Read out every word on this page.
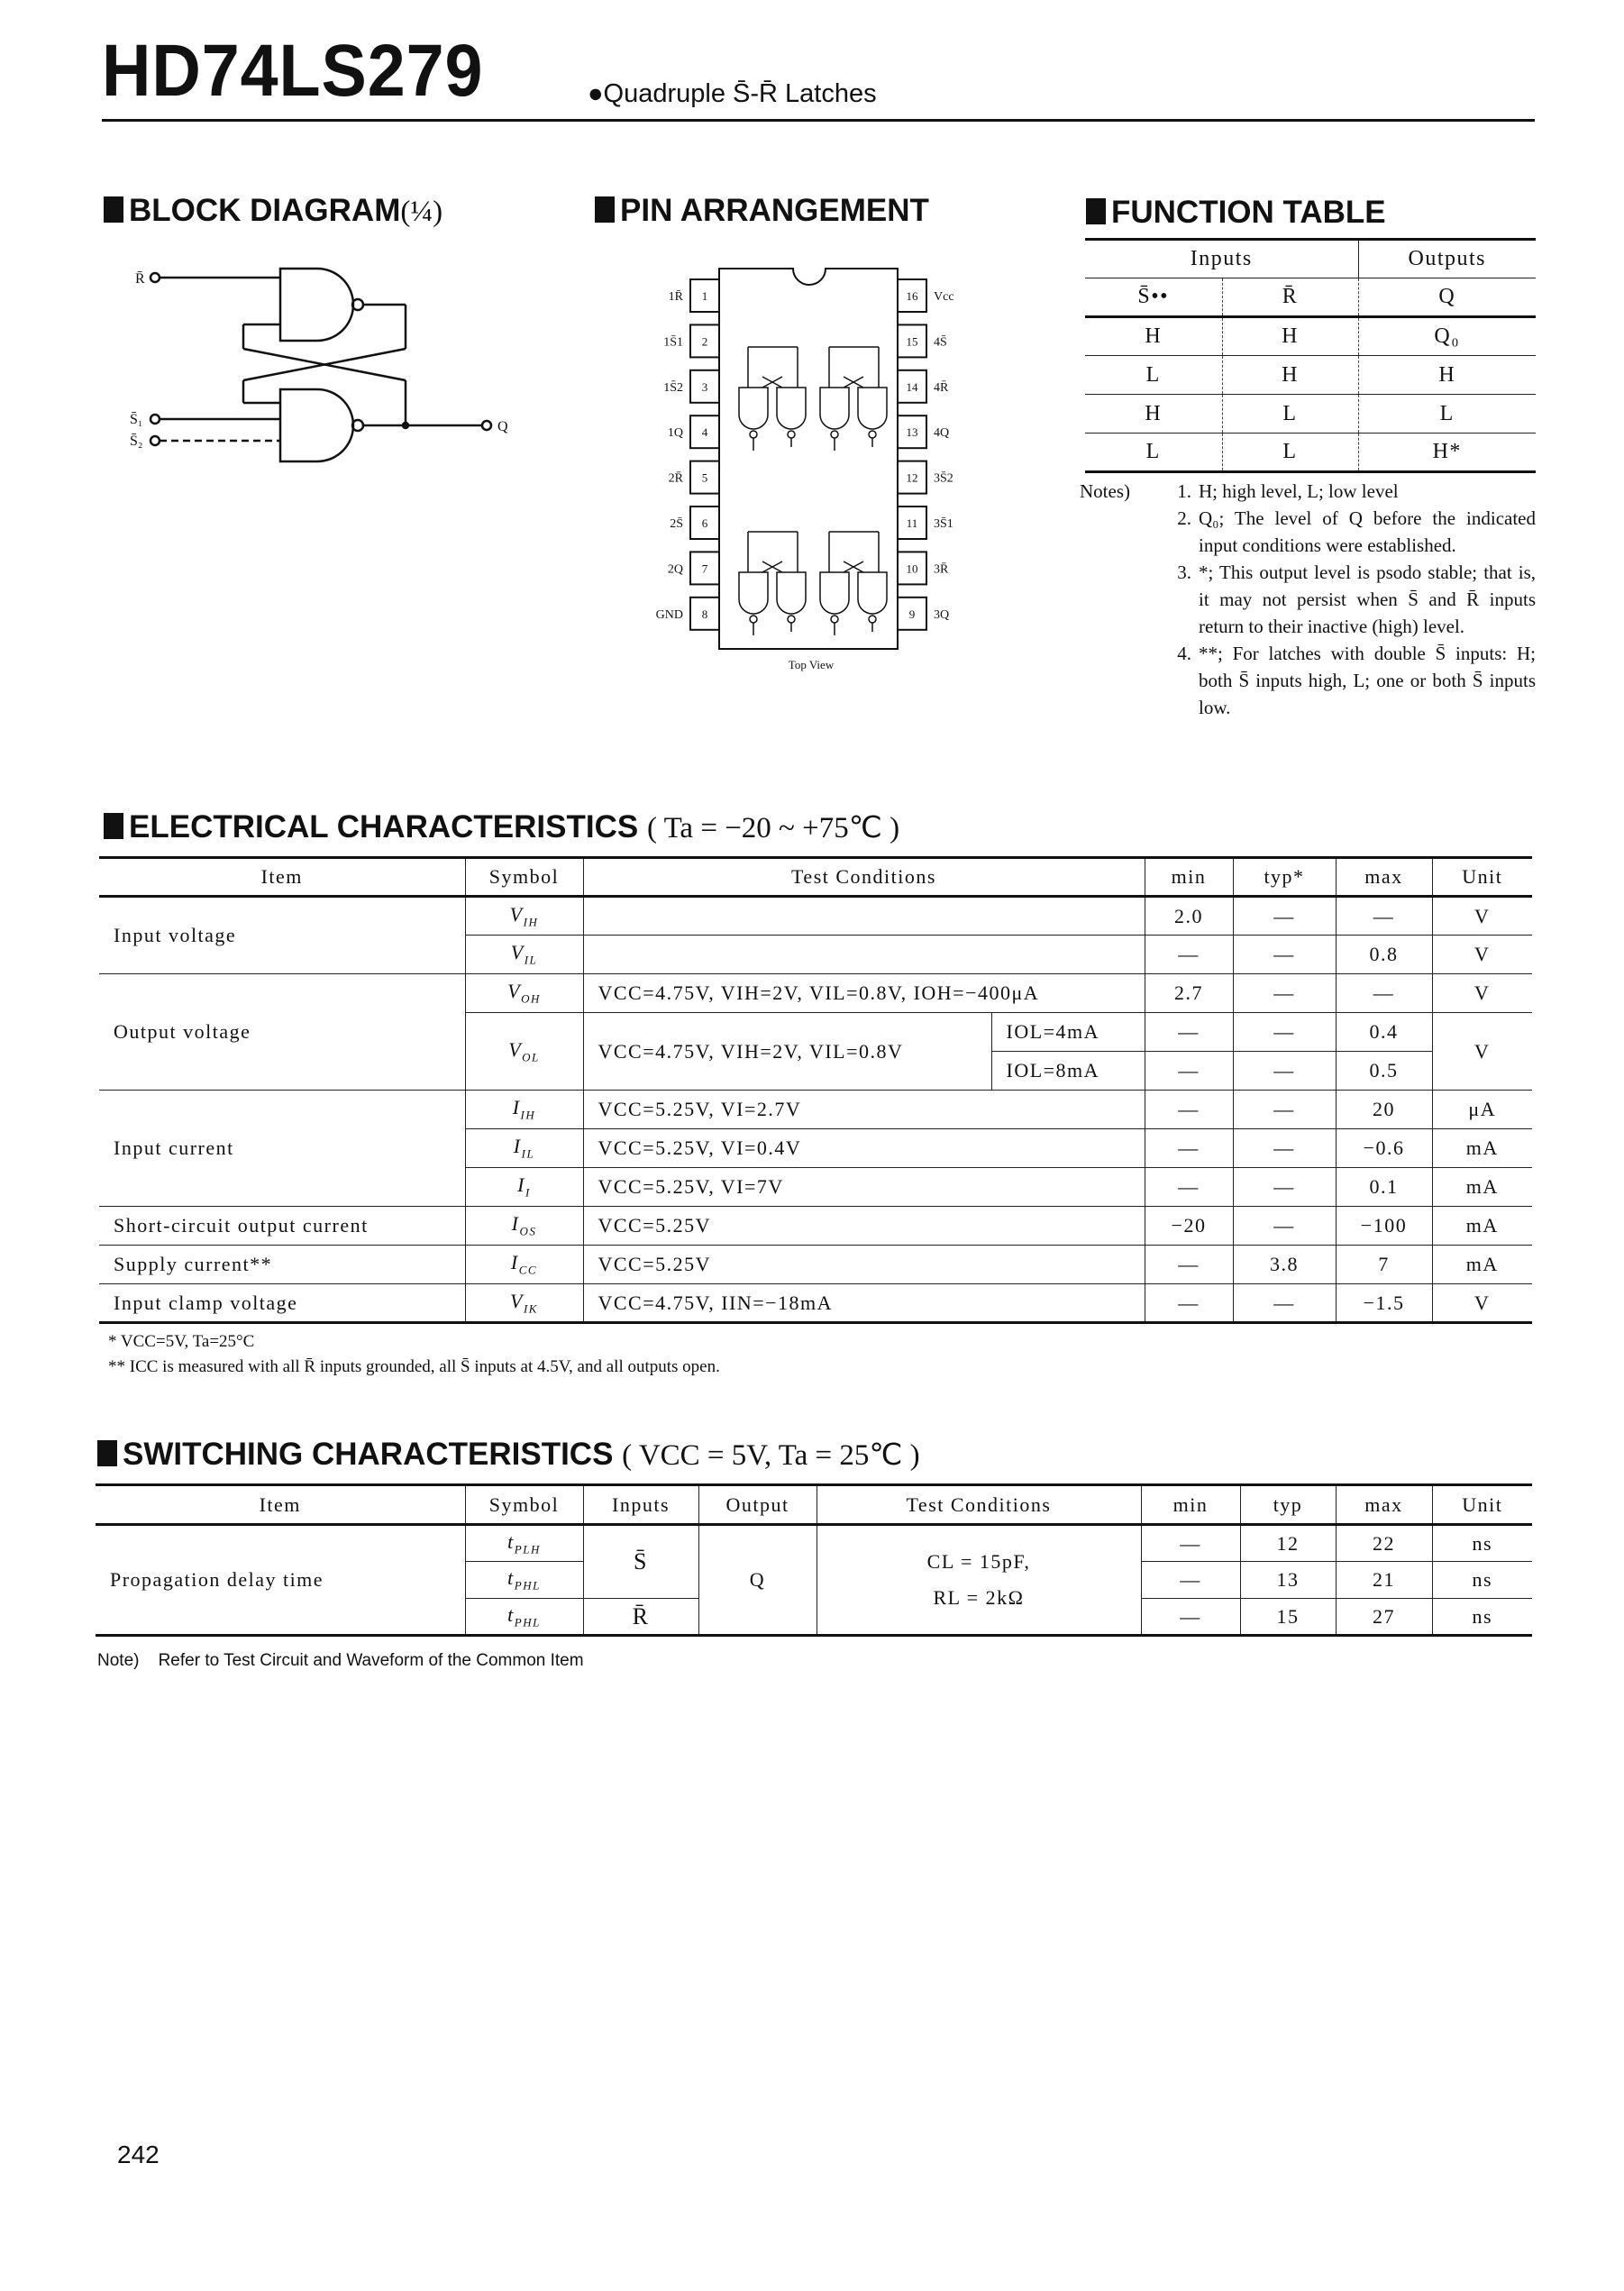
HD74LS279	●Quadruple S̄-R̄ Latches
BLOCK DIAGRAM(¼)
R̄
Q
S̄₁
S̄₂
PIN ARRANGEMENT
Top View
1
1R̄
2
1S̄1
3
1S̄2
4
1Q
5
2R̄
6
2S̄
7
2Q
8
GND
16 Vcc
15 4S̄
14 4R̄
13 4Q
12 3S̄2
11 3S̄1
10 3R̄
9 3Q
FUNCTION TABLE
Inputs		Outputs
S̄••	R̄	Q
H	H	Q₀
L	H	H
H	L	L
L	L	H*
Notes)	1. H; high level, L; low level
2. Q₀; The level of Q before the indicated input conditions were established.
3. *; This output level is psodo stable; that is, it may not persist when S̄ and R̄ inputs return to their inactive (high) level.
4. **; For latches with double S̄ inputs: H; both S̄ inputs high, L; one or both S̄ inputs low.
ELECTRICAL CHARACTERISTICS ( Ta = −20 ~ +75℃ )
Item	Symbol	Test Conditions		min	typ*	max	Unit
Input voltage	$V_{IH}$			2.0	—	—	V
	$V_{IL}$			—	—	0.8	V
Output voltage	$V_{OH}$	VCC=4.75V, VIH=2V, VIL=0.8V, IOH=−400μA		2.7	—	—	V
	$V_{OL}$	VCC=4.75V, VIH=2V, VIL=0.8V	IOL=4mA	—	—	0.4	V
			IOL=8mA	—	—	0.5	
Input current	$I_{IH}$	VCC=5.25V, VI=2.7V		—	—	20	μA
	$I_{IL}$	VCC=5.25V, VI=0.4V		—	—	−0.6	mA
	$I_I$	VCC=5.25V, VI=7V		—	—	0.1	mA
Short-circuit output current	$I_{OS}$	VCC=5.25V		−20	—	−100	mA
Supply current**	$I_{CC}$	VCC=5.25V		—	3.8	7	mA
Input clamp voltage	$V_{IK}$	VCC=4.75V, IIN=−18mA		—	—	−1.5	V
* VCC=5V, Ta=25°C
** ICC is measured with all R̄ inputs grounded, all S̄ inputs at 4.5V, and all outputs open.
SWITCHING CHARACTERISTICS ( VCC = 5V, Ta = 25℃ )
Item	Symbol	Inputs	Output	Test Conditions	min	typ	max	Unit
Propagation delay time	$t_{PLH}$	S̄	Q	CL = 15pF,
RL = 2kΩ	—	12	22	ns
	$t_{PHL}$				—	13	21	ns
	$t_{PHL}$	R̄			—	15	27	ns
Note)    Refer to Test Circuit and Waveform of the Common Item
242
